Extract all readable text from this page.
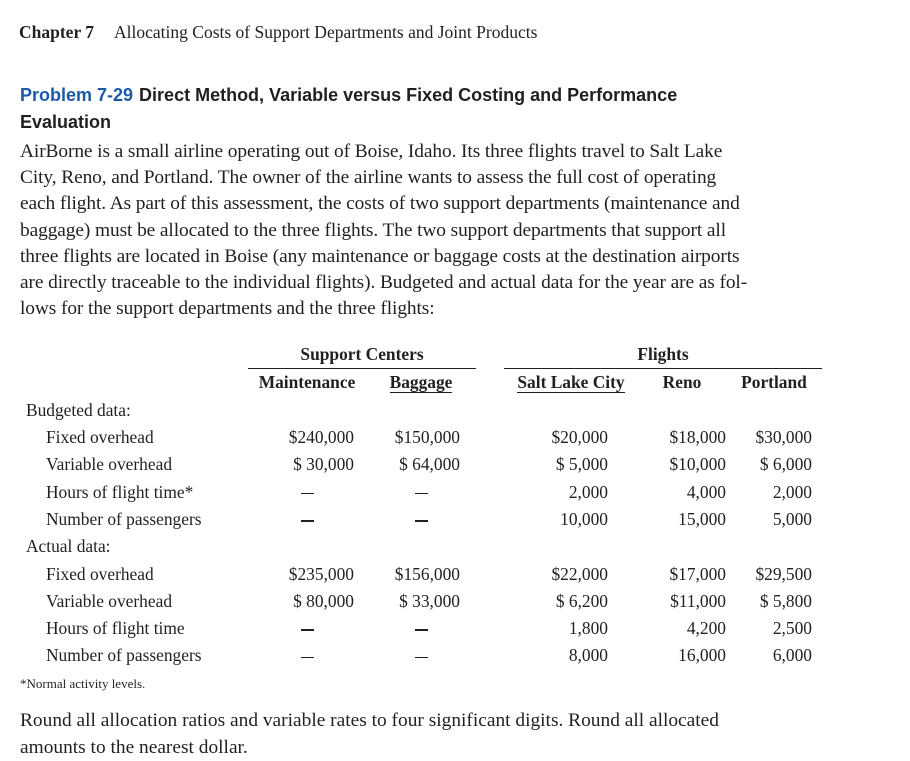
Chapter 7 Allocating Costs of Support Departments and Joint Products
Problem 7-29 Direct Method, Variable versus Fixed Costing and Performance
Evaluation
AirBorne is a small airline operating out of Boise, Idaho. Its three flights travel to Salt Lake
City, Reno, and Portland. The owner of the airline wants to assess the full cost of operating
each flight. As part of this assessment, the costs of two support departments (maintenance and
baggage) must be allocated to the three flights. The two support departments that support all
three flights are located in Boise (any maintenance or baggage costs at the destination airports
are directly traceable to the individual flights). Budgeted and actual data for the year are as fol-
lows for the support departments and the three flights:
	Support Centers			Flights		
	Maintenance	Baggage		Salt Lake City	Reno	Portland
Budgeted data:						
Fixed overhead	$240,000	$150,000		$20,000	$18,000	$30,000
Variable overhead	$ 30,000	$ 64,000		$ 5,000	$10,000	$ 6,000
Hours of flight time*				2,000	4,000	2,000
Number of passengers				10,000	15,000	5,000
Actual data:						
Fixed overhead	$235,000	$156,000		$22,000	$17,000	$29,500
Variable overhead	$ 80,000	$ 33,000		$ 6,200	$11,000	$ 5,800
Hours of flight time				1,800	4,200	2,500
Number of passengers				8,000	16,000	6,000
*Normal activity levels.
Round all allocation ratios and variable rates to four significant digits. Round all allocated
amounts to the nearest dollar.
